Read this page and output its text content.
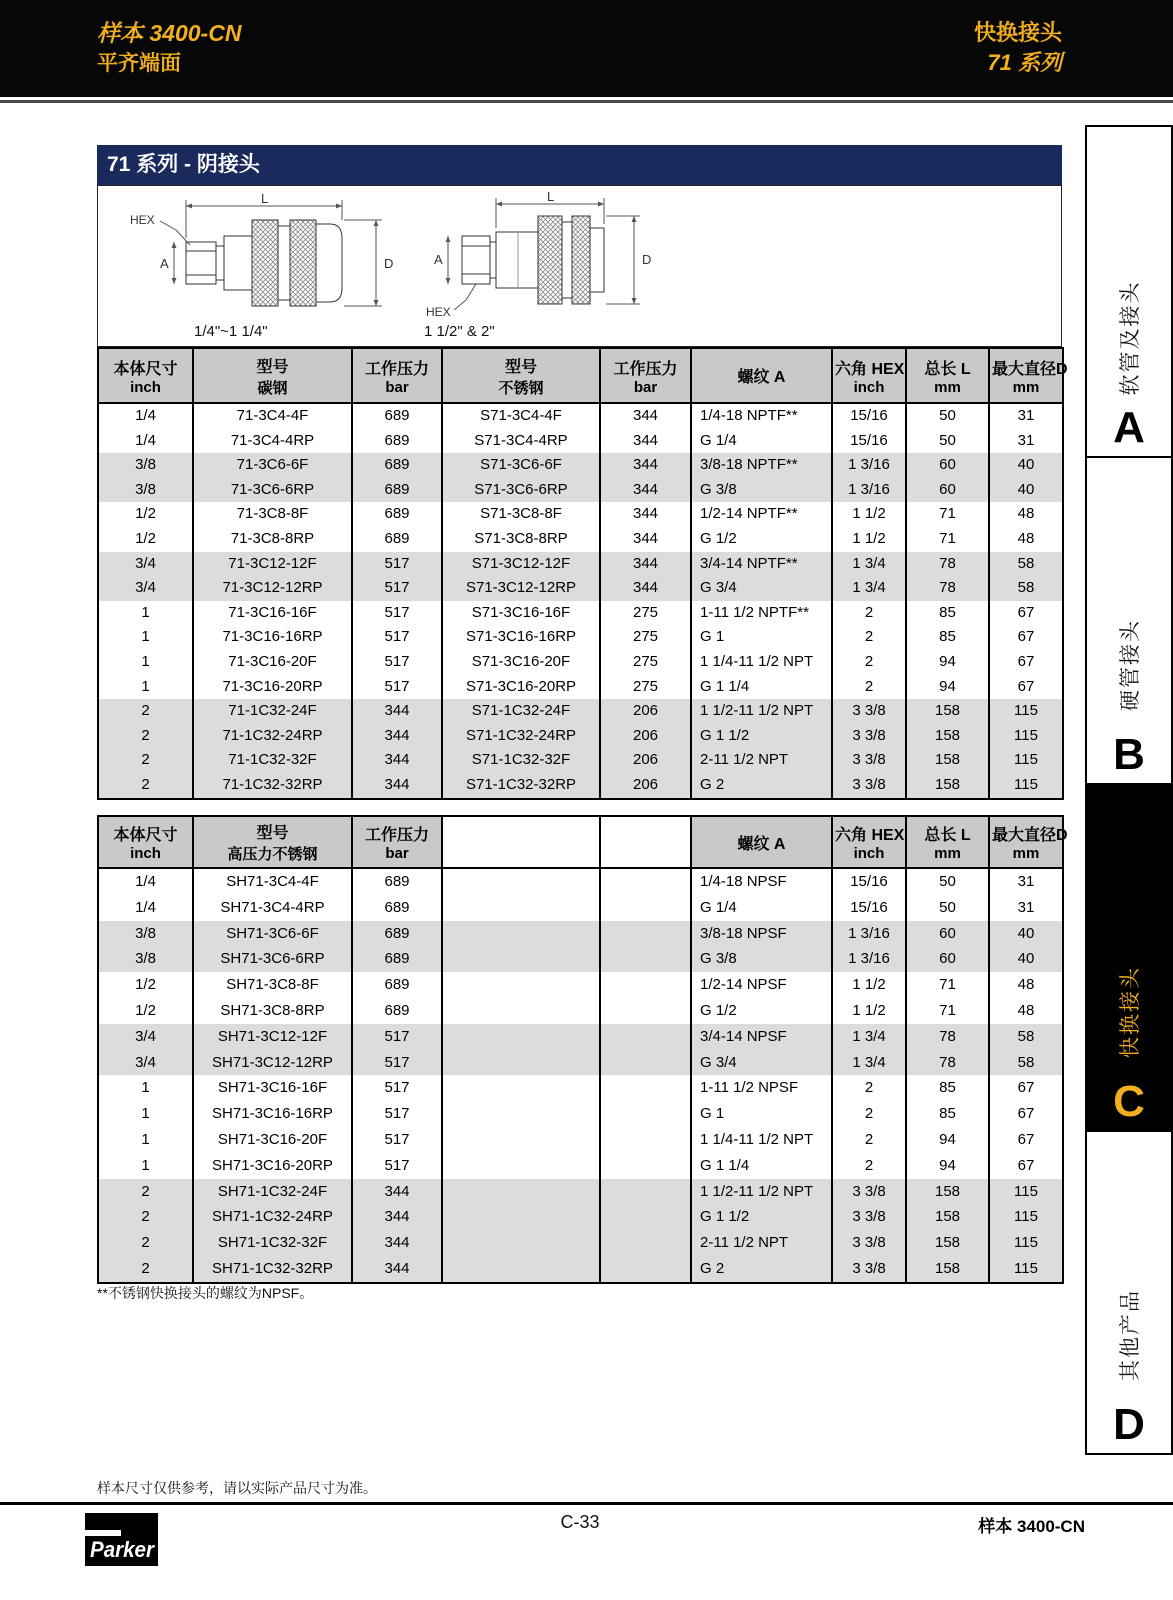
样本 3400-CN
平齐端面
快换接头
71 系列
71 系列 - 阴接头
L
D
A
HEX
L
D
A
HEX
1/4"~1 1/4"	1 1/2" & 2"
本体尺寸
inch

型号
碳钢

工作压力
bar

型号
不锈钢

工作压力
bar

螺纹 A	六角 HEX
inch

总长 L
mm

最大直径D
mm

1/4	71-3C4-4F	689	S71-3C4-4F	344	1/4-18 NPTF**	15/16	50	31
1/4	71-3C4-4RP	689	S71-3C4-4RP	344	G 1/4	15/16	50	31
3/8	71-3C6-6F	689	S71-3C6-6F	344	3/8-18 NPTF**	1 3/16	60	40
3/8	71-3C6-6RP	689	S71-3C6-6RP	344	G 3/8	1 3/16	60	40
1/2	71-3C8-8F	689	S71-3C8-8F	344	1/2-14 NPTF**	1 1/2	71	48
1/2	71-3C8-8RP	689	S71-3C8-8RP	344	G 1/2	1 1/2	71	48
3/4	71-3C12-12F	517	S71-3C12-12F	344	3/4-14 NPTF**	1 3/4	78	58
3/4	71-3C12-12RP	517	S71-3C12-12RP	344	G 3/4	1 3/4	78	58
1	71-3C16-16F	517	S71-3C16-16F	275	1-11 1/2 NPTF**	2	85	67
1	71-3C16-16RP	517	S71-3C16-16RP	275	G 1	2	85	67
1	71-3C16-20F	517	S71-3C16-20F	275	1 1/4-11 1/2 NPT	2	94	67
1	71-3C16-20RP	517	S71-3C16-20RP	275	G 1 1/4	2	94	67
2	71-1C32-24F	344	S71-1C32-24F	206	1 1/2-11 1/2 NPT	3 3/8	158	115
2	71-1C32-24RP	344	S71-1C32-24RP	206	G 1 1/2	3 3/8	158	115
2	71-1C32-32F	344	S71-1C32-32F	206	2-11 1/2 NPT	3 3/8	158	115
2	71-1C32-32RP	344	S71-1C32-32RP	206	G 2	3 3/8	158	115
本体尺寸
inch

型号
高压力不锈钢

工作压力
bar

螺纹 A	六角 HEX
inch

总长 L
mm

最大直径D
mm

1/4	SH71-3C4-4F	689			1/4-18 NPSF	15/16	50	31
1/4	SH71-3C4-4RP	689			G 1/4	15/16	50	31
3/8	SH71-3C6-6F	689			3/8-18 NPSF	1 3/16	60	40
3/8	SH71-3C6-6RP	689			G 3/8	1 3/16	60	40
1/2	SH71-3C8-8F	689			1/2-14 NPSF	1 1/2	71	48
1/2	SH71-3C8-8RP	689			G 1/2	1 1/2	71	48
3/4	SH71-3C12-12F	517			3/4-14 NPSF	1 3/4	78	58
3/4	SH71-3C12-12RP	517			G 3/4	1 3/4	78	58
1	SH71-3C16-16F	517			1-11 1/2 NPSF	2	85	67
1	SH71-3C16-16RP	517			G 1	2	85	67
1	SH71-3C16-20F	517			1 1/4-11 1/2 NPT	2	94	67
1	SH71-3C16-20RP	517			G 1 1/4	2	94	67
2	SH71-1C32-24F	344			1 1/2-11 1/2 NPT	3 3/8	158	115
2	SH71-1C32-24RP	344			G 1 1/2	3 3/8	158	115
2	SH71-1C32-32F	344			2-11 1/2 NPT	3 3/8	158	115
2	SH71-1C32-32RP	344			G 2	3 3/8	158	115
**不锈钢快换接头的螺纹为NPSF。
样本尺寸仅供参考，请以实际产品尺寸为准。
C-33	样本 3400-CN
Parker
软管及接头
A
硬管接头
B
快换接头
C
其他产品
D
